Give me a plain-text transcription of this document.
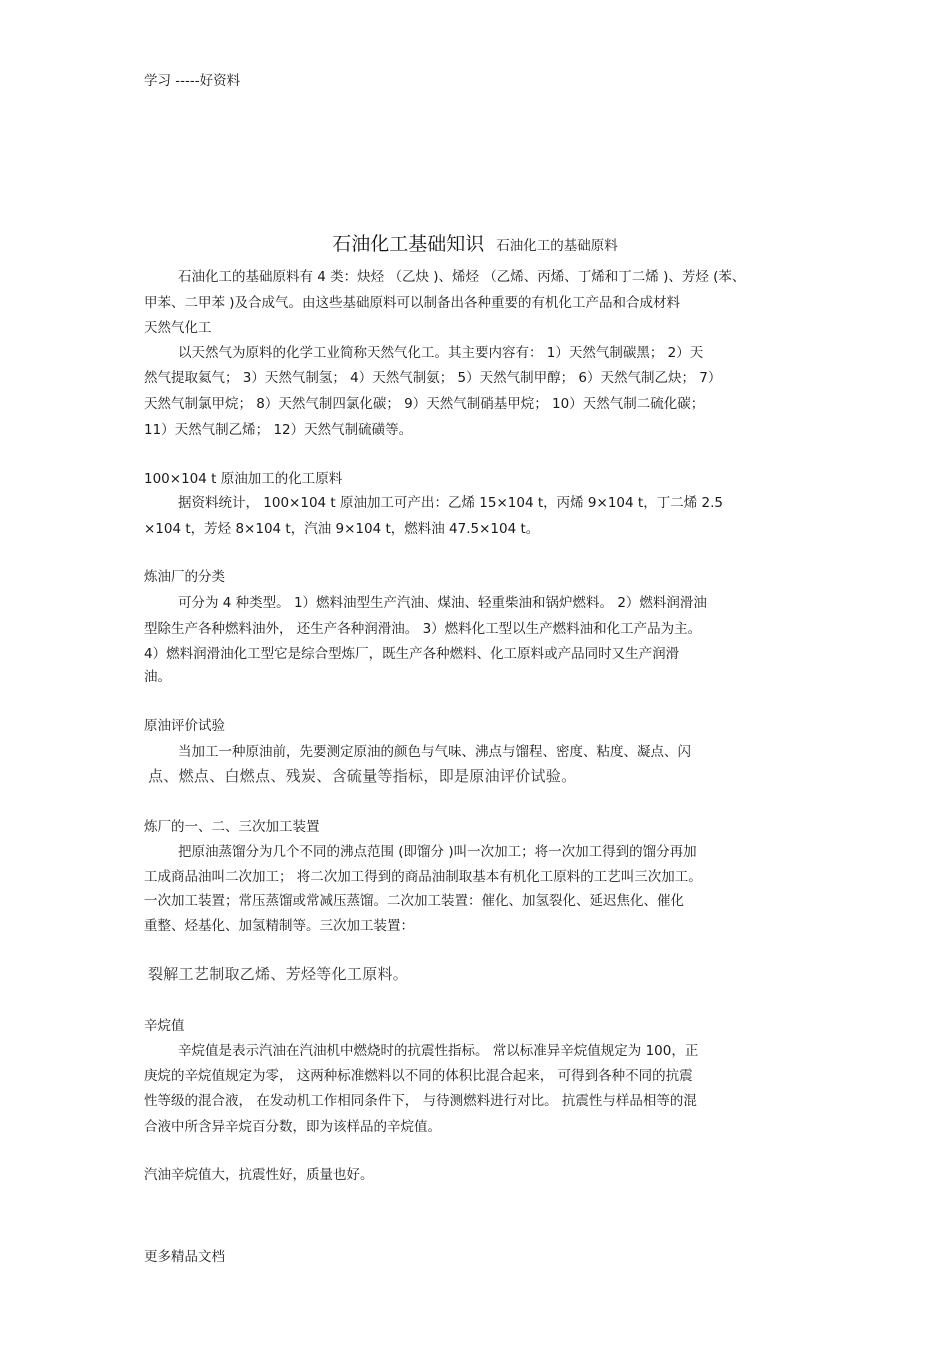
学习 -----好资料
石油化工基础知识 石油化工的基础原料
石油化工的基础原料有 4 类：炔烃 （乙炔 )、烯烃 （乙烯、丙烯、丁烯和丁二烯 )、芳烃 (苯、
甲苯、二甲苯 )及合成气。由这些基础原料可以制备出各种重要的有机化工产品和合成材料
天然气化工
以天然气为原料的化学工业简称天然气化工。其主要内容有： 1）天然气制碳黑； 2）天
然气提取氦气； 3）天然气制氢； 4）天然气制氨； 5）天然气制甲醇； 6）天然气制乙炔； 7）
天然气制氯甲烷； 8）天然气制四氯化碳； 9）天然气制硝基甲烷； 10）天然气制二硫化碳；
11）天然气制乙烯； 12）天然气制硫磺等。
100×104 t 原油加工的化工原料
据资料统计， 100×104 t 原油加工可产出：乙烯 15×104 t，丙烯 9×104 t，丁二烯 2.5
×104 t，芳烃 8×104 t，汽油 9×104 t，燃料油 47.5×104 t。
炼油厂的分类
可分为 4 种类型。 1）燃料油型生产汽油、煤油、轻重柴油和锅炉燃料。 2）燃料润滑油
型除生产各种燃料油外， 还生产各种润滑油。 3）燃料化工型以生产燃料油和化工产品为主。
4）燃料润滑油化工型它是综合型炼厂，既生产各种燃料、化工原料或产品同时又生产润滑
油。
原油评价试验
当加工一种原油前，先要测定原油的颜色与气味、沸点与馏程、密度、粘度、凝点、闪
点、燃点、白燃点、残炭、含硫量等指标，即是原油评价试验。
炼厂的一、二、三次加工装置
把原油蒸馏分为几个不同的沸点范围 (即馏分 )叫一次加工；将一次加工得到的馏分再加
工成商品油叫二次加工； 将二次加工得到的商品油制取基本有机化工原料的工艺叫三次加工。
一次加工装置；常压蒸馏或常减压蒸馏。二次加工装置：催化、加氢裂化、延迟焦化、催化
重整、烃基化、加氢精制等。三次加工装置：
裂解工艺制取乙烯、芳烃等化工原料。
辛烷值
辛烷值是表示汽油在汽油机中燃烧时的抗震性指标。 常以标准异辛烷值规定为 100，正
庚烷的辛烷值规定为零， 这两种标准燃料以不同的体积比混合起来， 可得到各种不同的抗震
性等级的混合液， 在发动机工作相同条件下， 与待测燃料进行对比。 抗震性与样品相等的混
合液中所含异辛烷百分数，即为该样品的辛烷值。
汽油辛烷值大，抗震性好，质量也好。
更多精品文档
